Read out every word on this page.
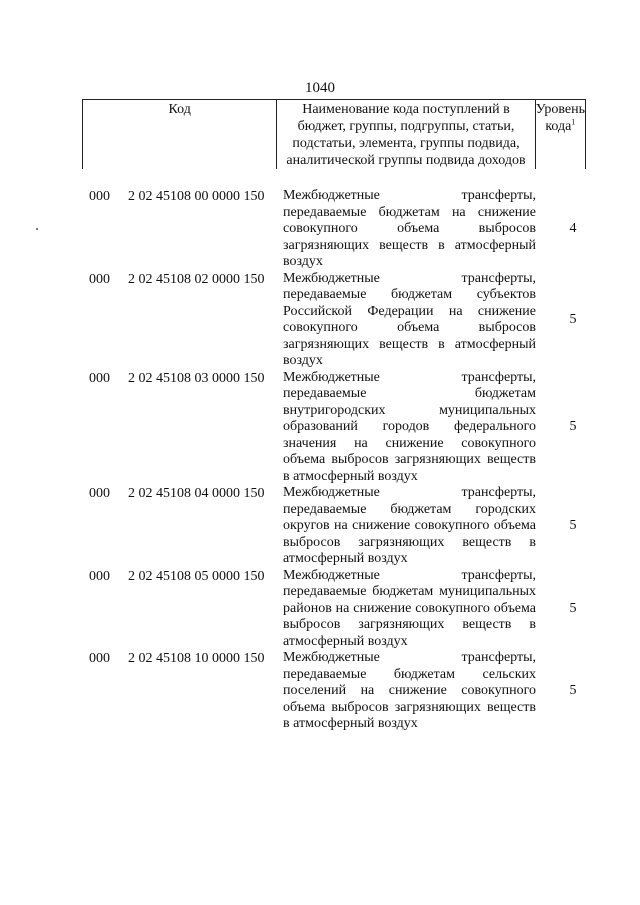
1040
Код	Наименование кода поступлений в бюджет, группы, подгруппы, статьи, подстатьи, элемента, группы подвида, аналитической группы подвида доходов
Уровень кода$^1$
000 2 02 45108 00 0000 150 Межбюджетные трансферты, передаваемые бюджетам на снижение совокупного объема выбросов загрязняющих веществ в атмосферный воздух
4
000 2 02 45108 02 0000 150 Межбюджетные трансферты, передаваемые бюджетам субъектов Российской Федерации на снижение совокупного объема выбросов загрязняющих веществ в атмосферный воздух
5
000 2 02 45108 03 0000 150 Межбюджетные трансферты, передаваемые бюджетам внутригородских муниципальных образований городов федерального значения на снижение совокупного объема выбросов загрязняющих веществ в атмосферный воздух
5
000 2 02 45108 04 0000 150 Межбюджетные трансферты, передаваемые бюджетам городских округов на снижение совокупного объема выбросов загрязняющих веществ в атмосферный воздух
5
000 2 02 45108 05 0000 150 Межбюджетные трансферты, передаваемые бюджетам муниципальных районов на снижение совокупного объема выбросов загрязняющих веществ в атмосферный воздух
5
000 2 02 45108 10 0000 150 Межбюджетные трансферты, передаваемые бюджетам сельских поселений на снижение совокупного объема выбросов загрязняющих веществ в атмосферный воздух
5
